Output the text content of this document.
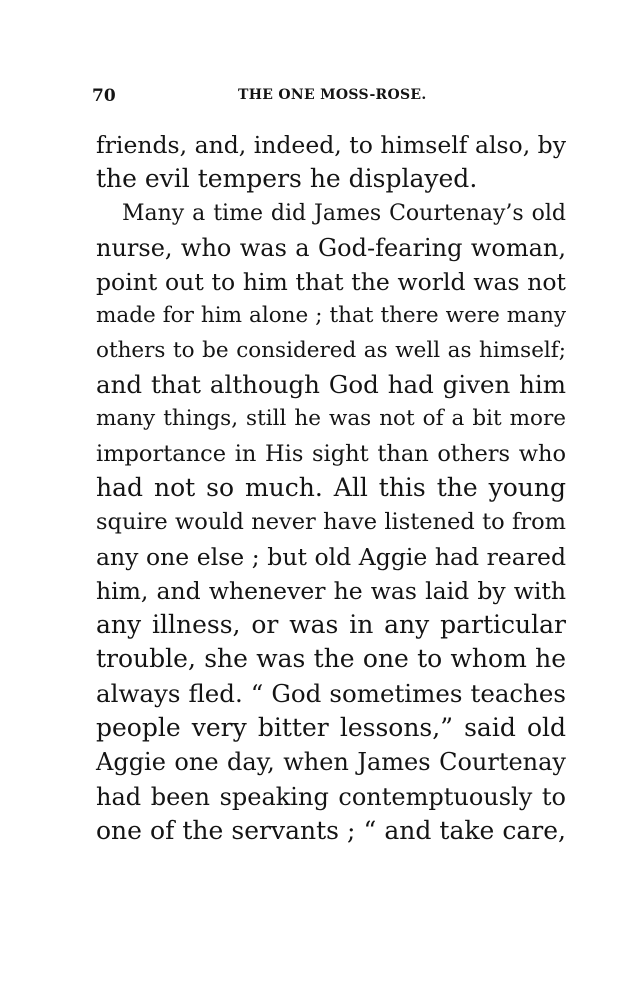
70	THE ONE MOSS-ROSE.
friends, and, indeed, to himself also, by
the evil tempers he displayed.
Many a time did James Courtenay’s old
nurse, who was a God-fearing woman,
point out to him that the world was not
made for him alone ; that there were many
others to be considered as well as himself;
and that although God had given him
many things, still he was not of a bit more
importance in His sight than others who
had not so much. All this the young
squire would never have listened to from
any one else ; but old Aggie had reared
him, and whenever he was laid by with
any illness, or was in any particular
trouble, she was the one to whom he
always fled. “ God sometimes teaches
people very bitter lessons,” said old
Aggie one day, when James Courtenay
had been speaking contemptuously to
one of the servants ; “ and take care,
